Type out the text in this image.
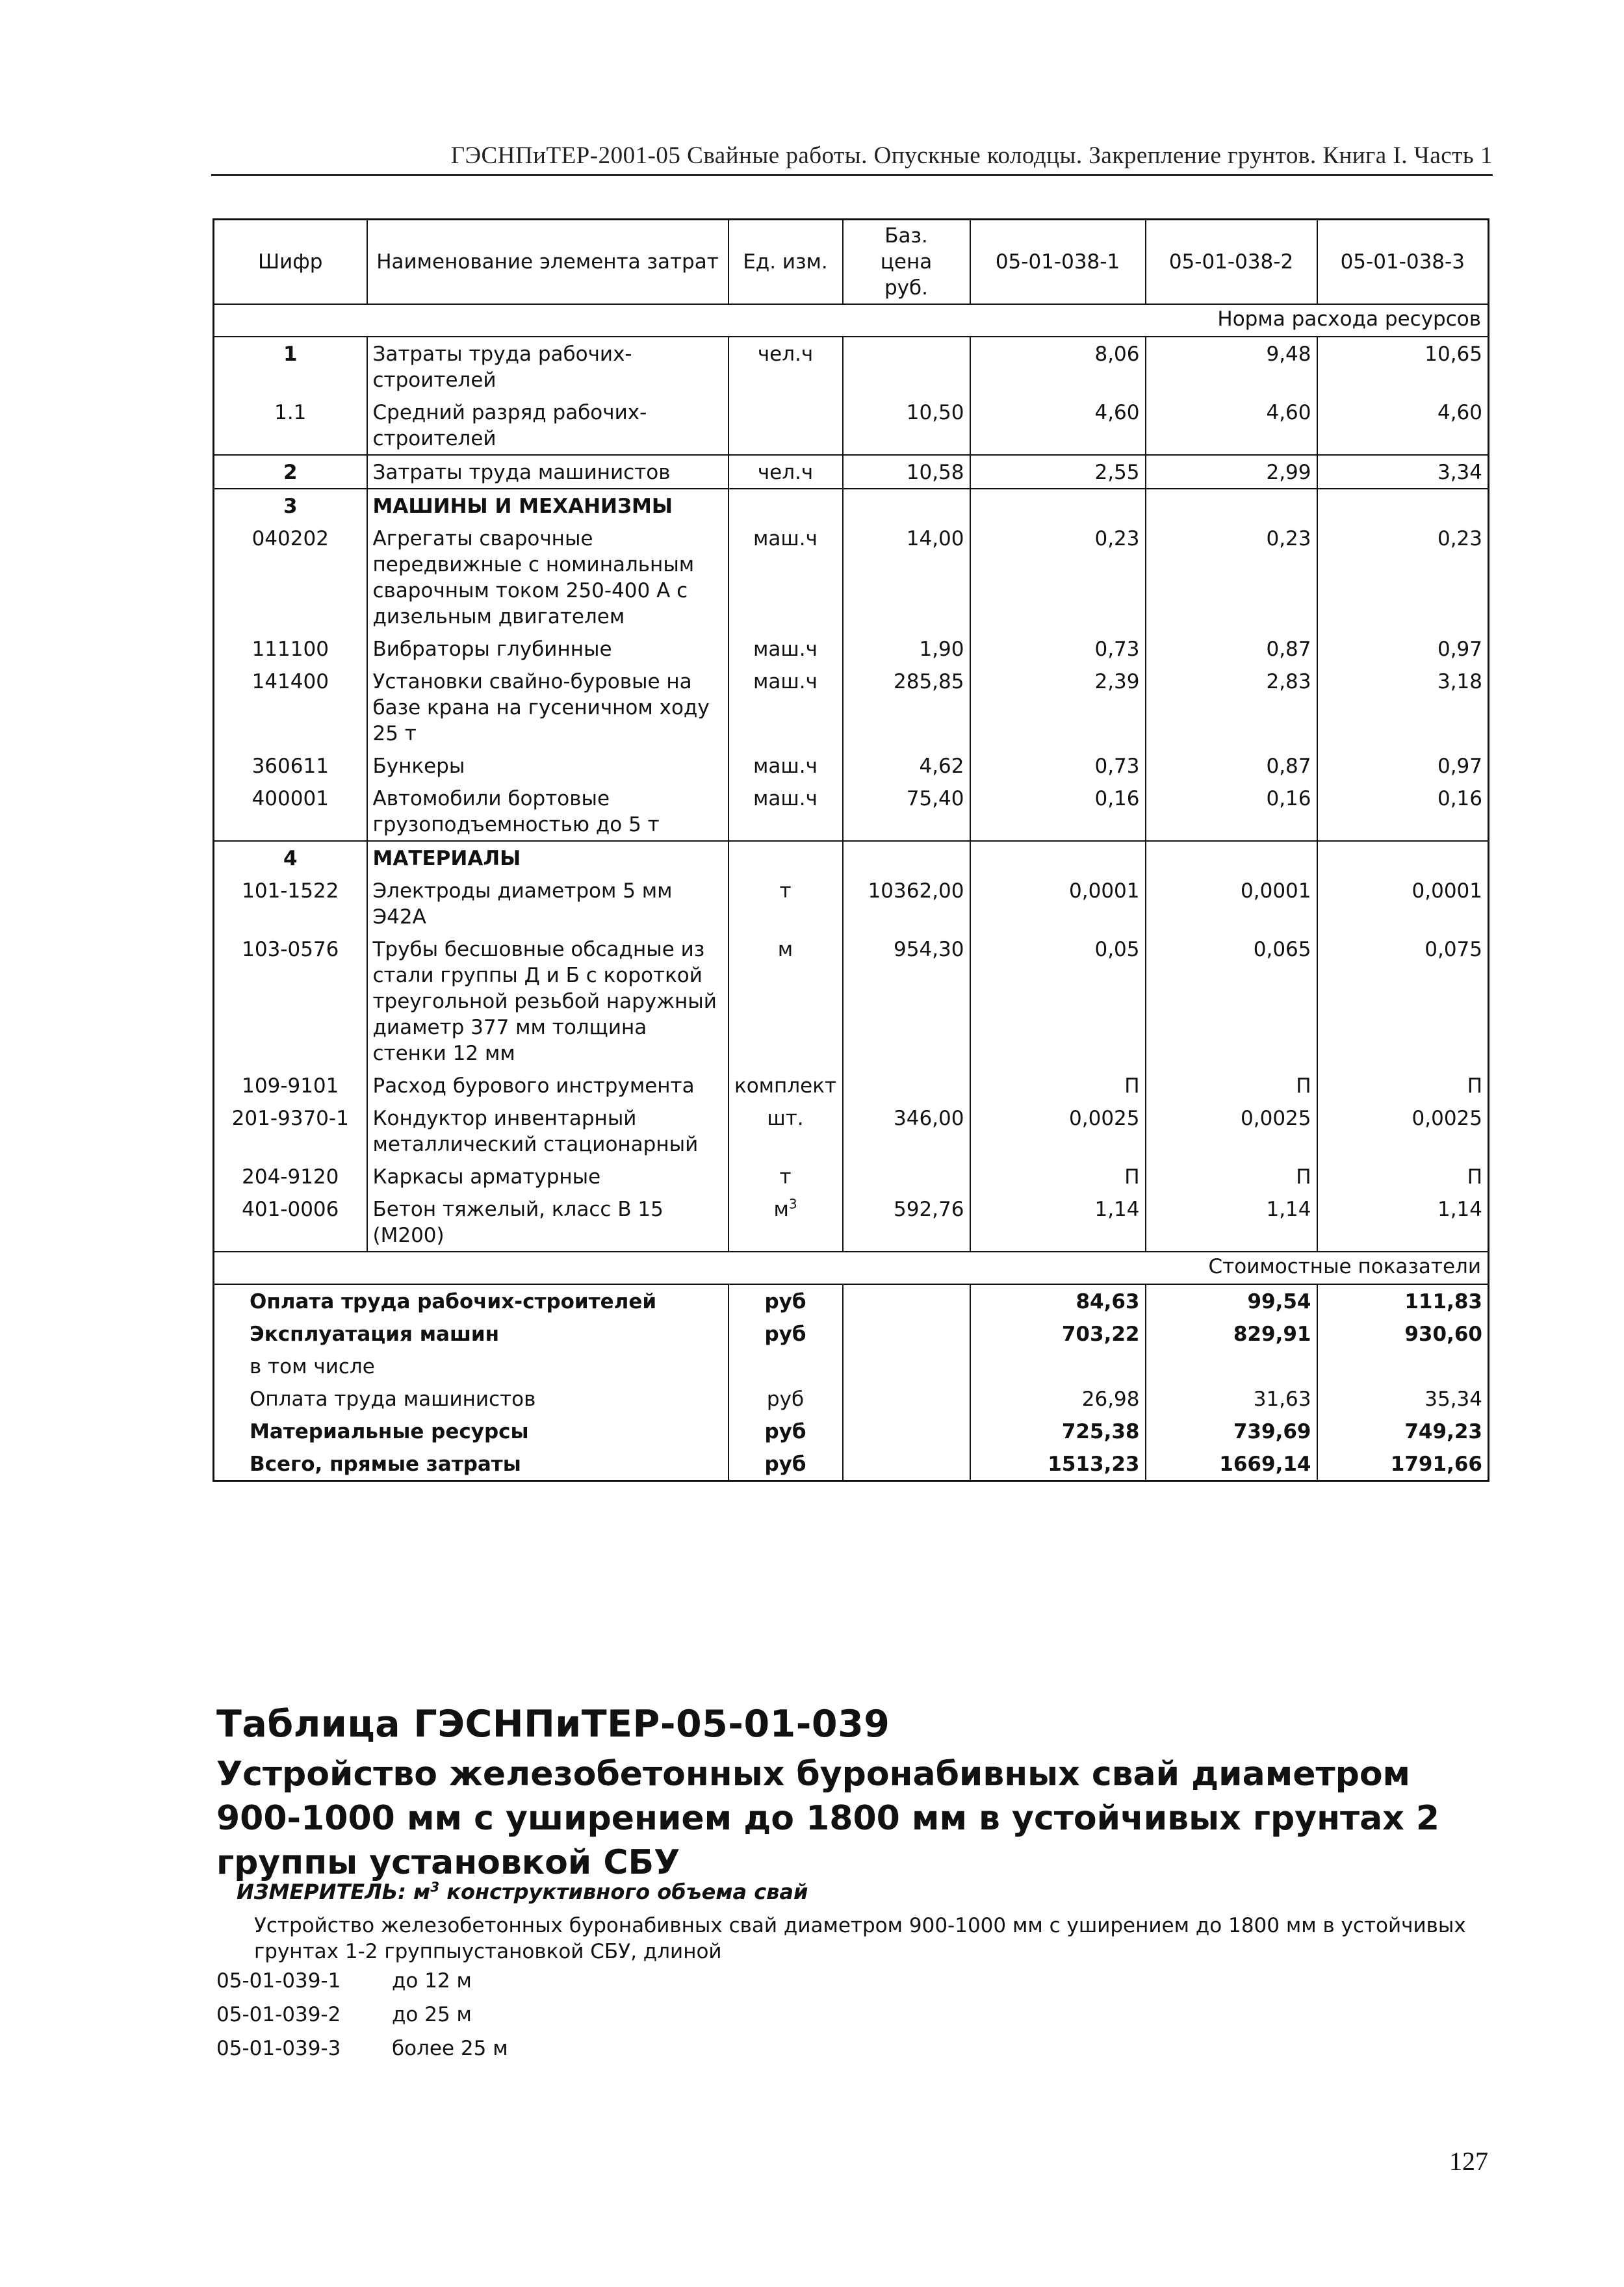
ГЭСНПиТЕР-2001-05 Свайные работы. Опускные колодцы. Закрепление грунтов. Книга I. Часть 1
Шифр	Наименование элемента затрат	Ед. изм.	Баз. цена руб.	05-01-038-1	05-01-038-2	05-01-038-3
Норма расхода ресурсов						
1	Затраты труда рабочих-строителей	чел.ч		8,06	9,48	10,65
1.1	Средний разряд рабочих-строителей		10,50	4,60	4,60	4,60
2	Затраты труда машинистов	чел.ч	10,58	2,55	2,99	3,34
3	МАШИНЫ И МЕХАНИЗМЫ					
040202	Агрегаты сварочные передвижные с номинальным сварочным током 250-400 А с дизельным двигателем	маш.ч	14,00	0,23	0,23	0,23
111100	Вибраторы глубинные	маш.ч	1,90	0,73	0,87	0,97
141400	Установки свайно-буровые на базе крана на гусеничном ходу 25 т	маш.ч	285,85	2,39	2,83	3,18
360611	Бункеры	маш.ч	4,62	0,73	0,87	0,97
400001	Автомобили бортовые грузоподъемностью до 5 т	маш.ч	75,40	0,16	0,16	0,16
4	МАТЕРИАЛЫ					
101-1522	Электроды диаметром 5 мм Э42А	т	10362,00	0,0001	0,0001	0,0001
103-0576	Трубы бесшовные обсадные из стали группы Д и Б с короткой треугольной резьбой наружный диаметр 377 мм толщина стенки 12 мм	м	954,30	0,05	0,065	0,075
109-9101	Расход бурового инструмента	комплект		П	П	П
201-9370-1	Кондуктор инвентарный металлический стационарный	шт.	346,00	0,0025	0,0025	0,0025
204-9120	Каркасы арматурные	т		П	П	П
401-0006	Бетон тяжелый, класс В 15 (М200)	$м^3$	592,76	1,14	1,14	1,14
Стоимостные показатели						
Оплата труда рабочих-строителей		руб		84,63	99,54	111,83
Эксплуатация машин		руб		703,22	829,91	930,60
в том числе						
Оплата труда машинистов		руб		26,98	31,63	35,34
Материальные ресурсы		руб		725,38	739,69	749,23
Всего, прямые затраты		руб		1513,23	1669,14	1791,66
Таблица ГЭСНПиТЕР-05-01-039
Устройство железобетонных буронабивных свай диаметром 900-1000 мм с уширением до 1800 мм в устойчивых грунтах 2 группы установкой СБУ
ИЗМЕРИТЕЛЬ: $м^3$ конструктивного объема свай
Устройство железобетонных буронабивных свай диаметром 900-1000 мм с уширением до 1800 мм в устойчивых грунтах 1-2 группыустановкой СБУ, длиной
05-01-039-1	до 12 м
05-01-039-2	до 25 м
05-01-039-3	более 25 м
127
